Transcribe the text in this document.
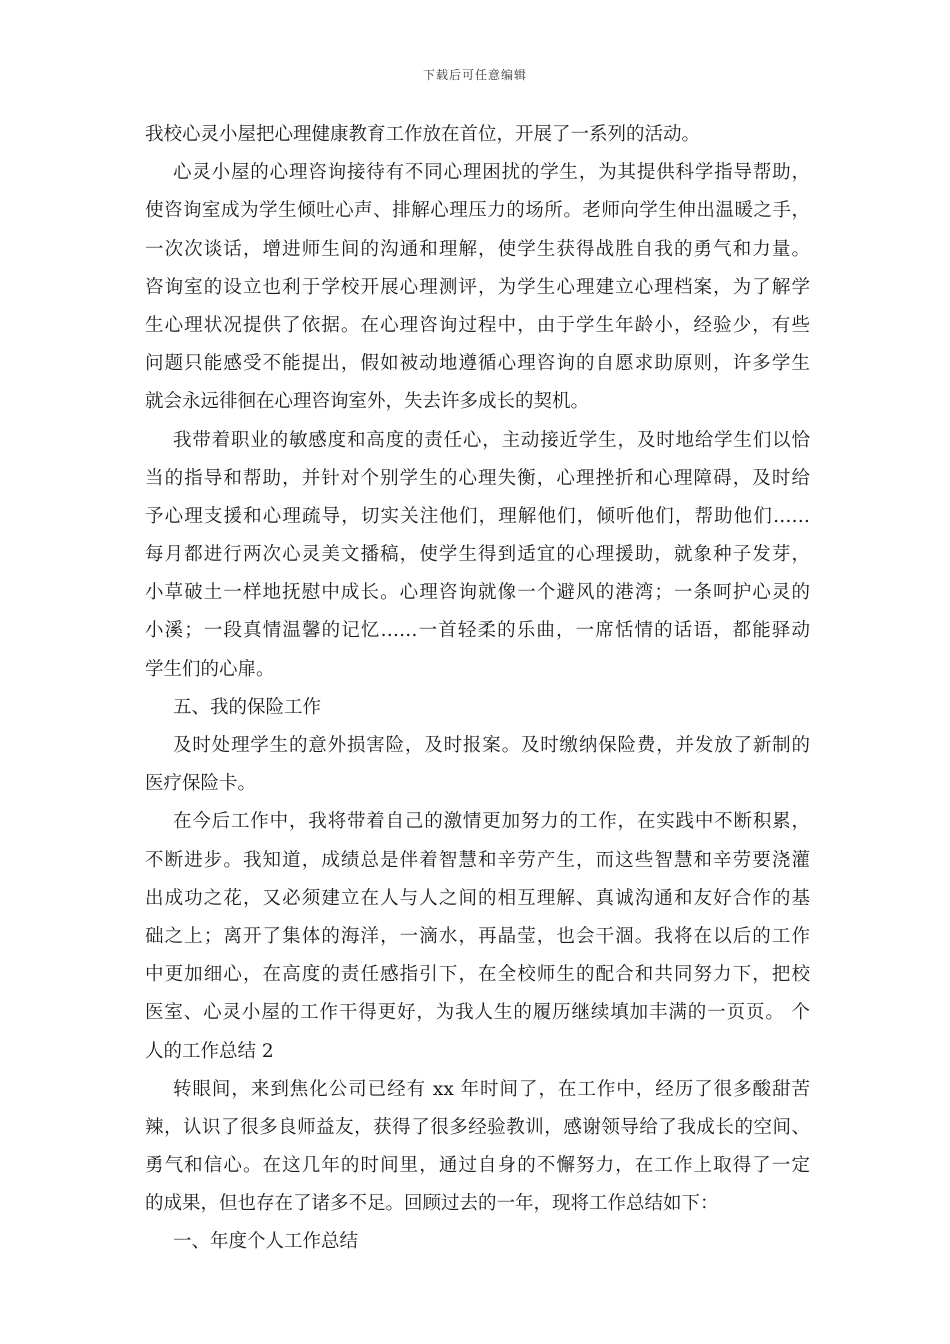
下载后可任意编辑
我校心灵小屋把心理健康教育工作放在首位，开展了一系列的活动。
心灵小屋的心理咨询接待有不同心理困扰的学生，为其提供科学指导帮助，
使咨询室成为学生倾吐心声、排解心理压力的场所。老师向学生伸出温暖之手，
一次次谈话，增进师生间的沟通和理解，使学生获得战胜自我的勇气和力量。
咨询室的设立也利于学校开展心理测评，为学生心理建立心理档案，为了解学
生心理状况提供了依据。在心理咨询过程中，由于学生年龄小，经验少，有些
问题只能感受不能提出，假如被动地遵循心理咨询的自愿求助原则，许多学生
就会永远徘徊在心理咨询室外，失去许多成长的契机。
我带着职业的敏感度和高度的责任心，主动接近学生，及时地给学生们以恰
当的指导和帮助，并针对个别学生的心理失衡，心理挫折和心理障碍，及时给
予心理支援和心理疏导，切实关注他们，理解他们，倾听他们，帮助他们……
每月都进行两次心灵美文播稿，使学生得到适宜的心理援助，就象种子发芽，
小草破土一样地抚慰中成长。心理咨询就像一个避风的港湾；一条呵护心灵的
小溪；一段真情温馨的记忆……一首轻柔的乐曲，一席恬情的话语，都能驿动
学生们的心扉。
五、我的保险工作
及时处理学生的意外损害险，及时报案。及时缴纳保险费，并发放了新制的
医疗保险卡。
在今后工作中，我将带着自己的激情更加努力的工作，在实践中不断积累，
不断进步。我知道，成绩总是伴着智慧和辛劳产生，而这些智慧和辛劳要浇灌
出成功之花，又必须建立在人与人之间的相互理解、真诚沟通和友好合作的基
础之上；离开了集体的海洋，一滴水，再晶莹，也会干涸。我将在以后的工作
中更加细心，在高度的责任感指引下，在全校师生的配合和共同努力下，把校
医室、心灵小屋的工作干得更好，为我人生的履历继续填加丰满的一页页。 个
人的工作总结 2
转眼间，来到焦化公司已经有 xx 年时间了，在工作中，经历了很多酸甜苦
辣，认识了很多良师益友，获得了很多经验教训，感谢领导给了我成长的空间、
勇气和信心。在这几年的时间里，通过自身的不懈努力，在工作上取得了一定
的成果，但也存在了诸多不足。回顾过去的一年，现将工作总结如下：
一、年度个人工作总结
